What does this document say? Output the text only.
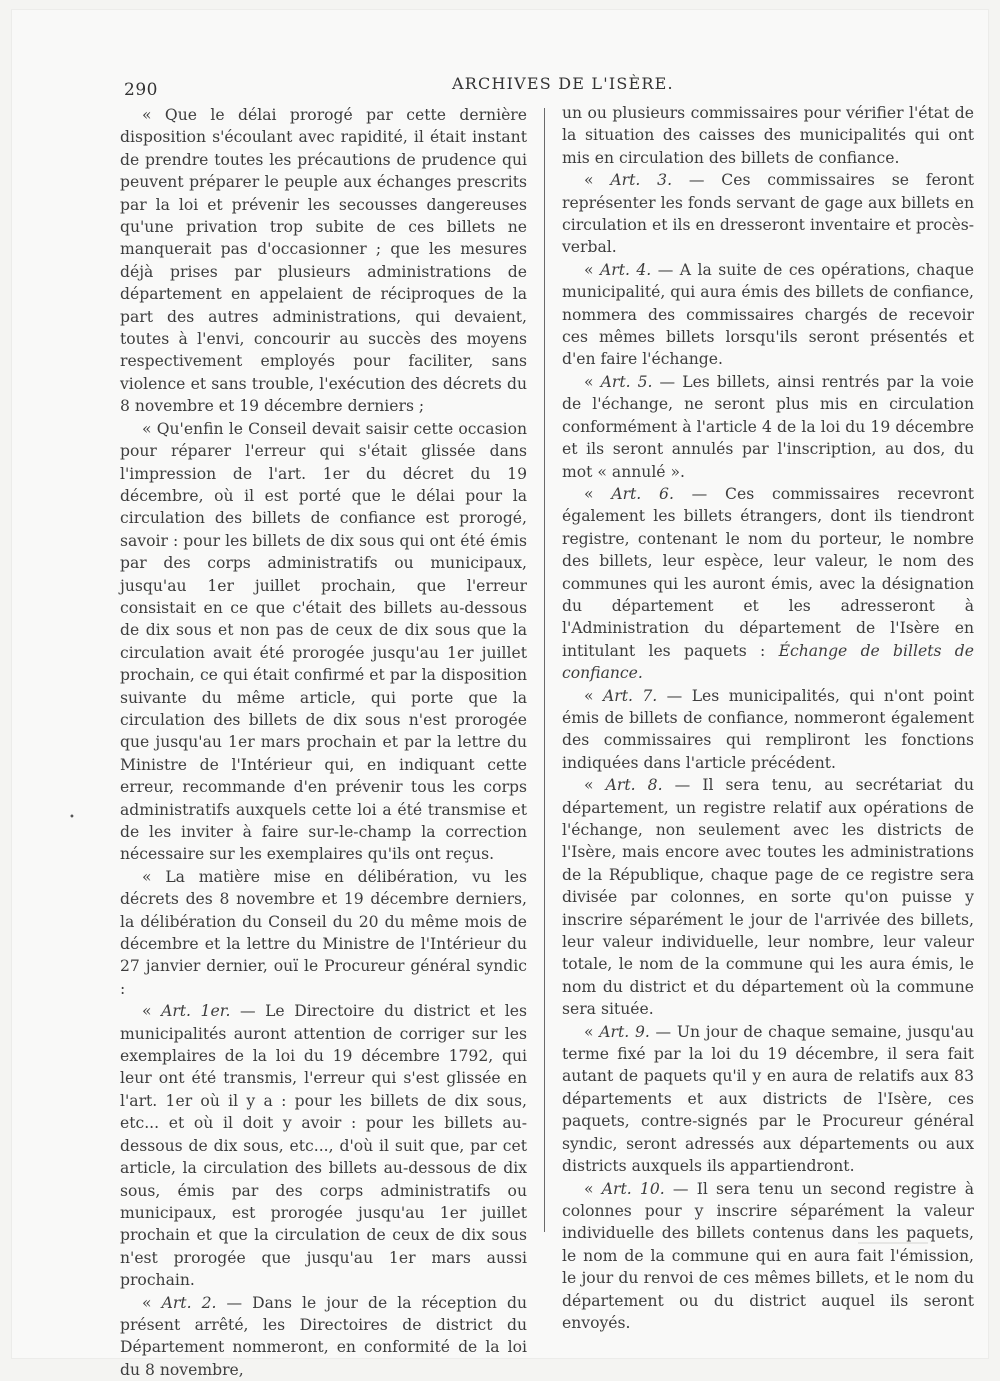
290	ARCHIVES DE L'ISÈRE.

« Que le délai prorogé par cette dernière disposition s'écoulant avec rapidité, il était instant de prendre toutes les précautions de prudence qui peuvent préparer le peuple aux échanges prescrits par la loi et prévenir les secousses dangereuses qu'une privation trop subite de ces billets ne manquerait pas d'occasionner ; que les mesures déjà prises par plusieurs administrations de département en appelaient de réciproques de la part des autres administrations, qui devaient, toutes à l'envi, concourir au succès des moyens respectivement employés pour faciliter, sans violence et sans trouble, l'exécution des décrets du 8 novembre et 19 décembre derniers ;

« Qu'enfin le Conseil devait saisir cette occasion pour réparer l'erreur qui s'était glissée dans l'impression de l'art. 1er du décret du 19 décembre, où il est porté que le délai pour la circulation des billets de confiance est prorogé, savoir : pour les billets de dix sous qui ont été émis par des corps administratifs ou municipaux, jusqu'au 1er juillet prochain, que l'erreur consistait en ce que c'était des billets au-dessous de dix sous et non pas de ceux de dix sous que la circulation avait été prorogée jusqu'au 1er juillet prochain, ce qui était confirmé et par la disposition suivante du même article, qui porte que la circulation des billets de dix sous n'est prorogée que jusqu'au 1er mars prochain et par la lettre du Ministre de l'Intérieur qui, en indiquant cette erreur, recommande d'en prévenir tous les corps administratifs auxquels cette loi a été transmise et de les inviter à faire sur-le-champ la correction nécessaire sur les exemplaires qu'ils ont reçus.

« La matière mise en délibération, vu les décrets des 8 novembre et 19 décembre derniers, la délibération du Conseil du 20 du même mois de décembre et la lettre du Ministre de l'Intérieur du 27 janvier dernier, ouï le Procureur général syndic :

« Art. 1er. — Le Directoire du district et les municipalités auront attention de corriger sur les exemplaires de la loi du 19 décembre 1792, qui leur ont été transmis, l'erreur qui s'est glissée en l'art. 1er où il y a : pour les billets de dix sous, etc... et où il doit y avoir : pour les billets au-dessous de dix sous, etc..., d'où il suit que, par cet article, la circulation des billets au-dessous de dix sous, émis par des corps administratifs ou municipaux, est prorogée jusqu'au 1er juillet prochain et que la circulation de ceux de dix sous n'est prorogée que jusqu'au 1er mars aussi prochain.

« Art. 2. — Dans le jour de la réception du présent arrêté, les Directoires de district du Département nommeront, en conformité de la loi du 8 novembre,

un ou plusieurs commissaires pour vérifier l'état de la situation des caisses des municipalités qui ont mis en circulation des billets de confiance.

« Art. 3. — Ces commissaires se feront représenter les fonds servant de gage aux billets en circulation et ils en dresseront inventaire et procès-verbal.

« Art. 4. — A la suite de ces opérations, chaque municipalité, qui aura émis des billets de confiance, nommera des commissaires chargés de recevoir ces mêmes billets lorsqu'ils seront présentés et d'en faire l'échange.

« Art. 5. — Les billets, ainsi rentrés par la voie de l'échange, ne seront plus mis en circulation conformément à l'article 4 de la loi du 19 décembre et ils seront annulés par l'inscription, au dos, du mot « annulé ».

« Art. 6. — Ces commissaires recevront également les billets étrangers, dont ils tiendront registre, contenant le nom du porteur, le nombre des billets, leur espèce, leur valeur, le nom des communes qui les auront émis, avec la désignation du département et les adresseront à l'Administration du département de l'Isère en intitulant les paquets : Échange de billets de confiance.

« Art. 7. — Les municipalités, qui n'ont point émis de billets de confiance, nommeront également des commissaires qui rempliront les fonctions indiquées dans l'article précédent.

« Art. 8. — Il sera tenu, au secrétariat du département, un registre relatif aux opérations de l'échange, non seulement avec les districts de l'Isère, mais encore avec toutes les administrations de la République, chaque page de ce registre sera divisée par colonnes, en sorte qu'on puisse y inscrire séparément le jour de l'arrivée des billets, leur valeur individuelle, leur nombre, leur valeur totale, le nom de la commune qui les aura émis, le nom du district et du département où la commune sera située.

« Art. 9. — Un jour de chaque semaine, jusqu'au terme fixé par la loi du 19 décembre, il sera fait autant de paquets qu'il y en aura de relatifs aux 83 départements et aux districts de l'Isère, ces paquets, contre-signés par le Procureur général syndic, seront adressés aux départements ou aux districts auxquels ils appartiendront.

« Art. 10. — Il sera tenu un second registre à colonnes pour y inscrire séparément la valeur individuelle des billets contenus dans les paquets, le nom de la commune qui en aura fait l'émission, le jour du renvoi de ces mêmes billets, et le nom du département ou du district auquel ils seront envoyés.

•
